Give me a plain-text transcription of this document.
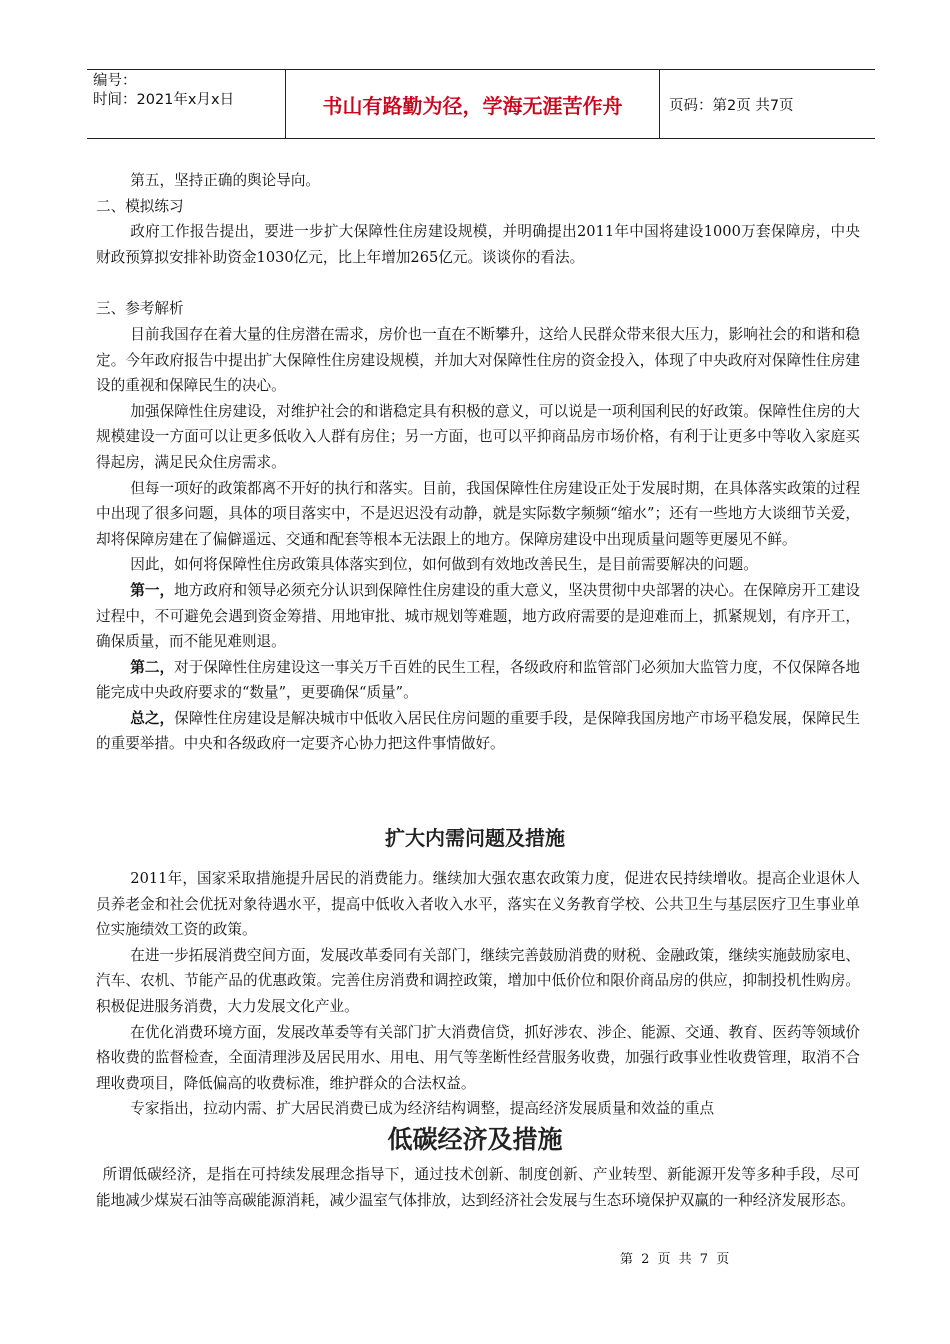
编号：
时间：2021年x月x日	书山有路勤为径，学海无涯苦作舟	页码：第2页 共7页

第五，坚持正确的舆论导向。

二、模拟练习

政府工作报告提出，要进一步扩大保障性住房建设规模，并明确提出2011年中国将建设1000万套保障房，中央财政预算拟安排补助资金1030亿元，比上年增加265亿元。谈谈你的看法。

三、参考解析

目前我国存在着大量的住房潜在需求，房价也一直在不断攀升，这给人民群众带来很大压力，影响社会的和谐和稳定。今年政府报告中提出扩大保障性住房建设规模，并加大对保障性住房的资金投入，体现了中央政府对保障性住房建设的重视和保障民生的决心。

加强保障性住房建设，对维护社会的和谐稳定具有积极的意义，可以说是一项利国利民的好政策。保障性住房的大规模建设一方面可以让更多低收入人群有房住；另一方面，也可以平抑商品房市场价格，有利于让更多中等收入家庭买得起房，满足民众住房需求。

但每一项好的政策都离不开好的执行和落实。目前，我国保障性住房建设正处于发展时期，在具体落实政策的过程中出现了很多问题，具体的项目落实中，不是迟迟没有动静，就是实际数字频频“缩水”；还有一些地方大谈细节关爱，却将保障房建在了偏僻遥远、交通和配套等根本无法跟上的地方。保障房建设中出现质量问题等更屡见不鲜。

因此，如何将保障性住房政策具体落实到位，如何做到有效地改善民生，是目前需要解决的问题。

第一，地方政府和领导必须充分认识到保障性住房建设的重大意义，坚决贯彻中央部署的决心。在保障房开工建设过程中，不可避免会遇到资金筹措、用地审批、城市规划等难题，地方政府需要的是迎难而上，抓紧规划，有序开工，确保质量，而不能见难则退。

第二，对于保障性住房建设这一事关万千百姓的民生工程，各级政府和监管部门必须加大监管力度，不仅保障各地能完成中央政府要求的“数量”，更要确保“质量”。

总之，保障性住房建设是解决城市中低收入居民住房问题的重要手段，是保障我国房地产市场平稳发展，保障民生的重要举措。中央和各级政府一定要齐心协力把这件事情做好。

扩大内需问题及措施

2011年，国家采取措施提升居民的消费能力。继续加大强农惠农政策力度，促进农民持续增收。提高企业退休人员养老金和社会优抚对象待遇水平，提高中低收入者收入水平，落实在义务教育学校、公共卫生与基层医疗卫生事业单位实施绩效工资的政策。

在进一步拓展消费空间方面，发展改革委同有关部门，继续完善鼓励消费的财税、金融政策，继续实施鼓励家电、汽车、农机、节能产品的优惠政策。完善住房消费和调控政策，增加中低价位和限价商品房的供应，抑制投机性购房。积极促进服务消费，大力发展文化产业。

在优化消费环境方面，发展改革委等有关部门扩大消费信贷，抓好涉农、涉企、能源、交通、教育、医药等领域价格收费的监督检查，全面清理涉及居民用水、用电、用气等垄断性经营服务收费，加强行政事业性收费管理，取消不合理收费项目，降低偏高的收费标准，维护群众的合法权益。

专家指出，拉动内需、扩大居民消费已成为经济结构调整，提高经济发展质量和效益的重点

低碳经济及措施

所谓低碳经济，是指在可持续发展理念指导下，通过技术创新、制度创新、产业转型、新能源开发等多种手段，尽可能地减少煤炭石油等高碳能源消耗，减少温室气体排放，达到经济社会发展与生态环境保护双赢的一种经济发展形态。

第 2 页 共 7 页
